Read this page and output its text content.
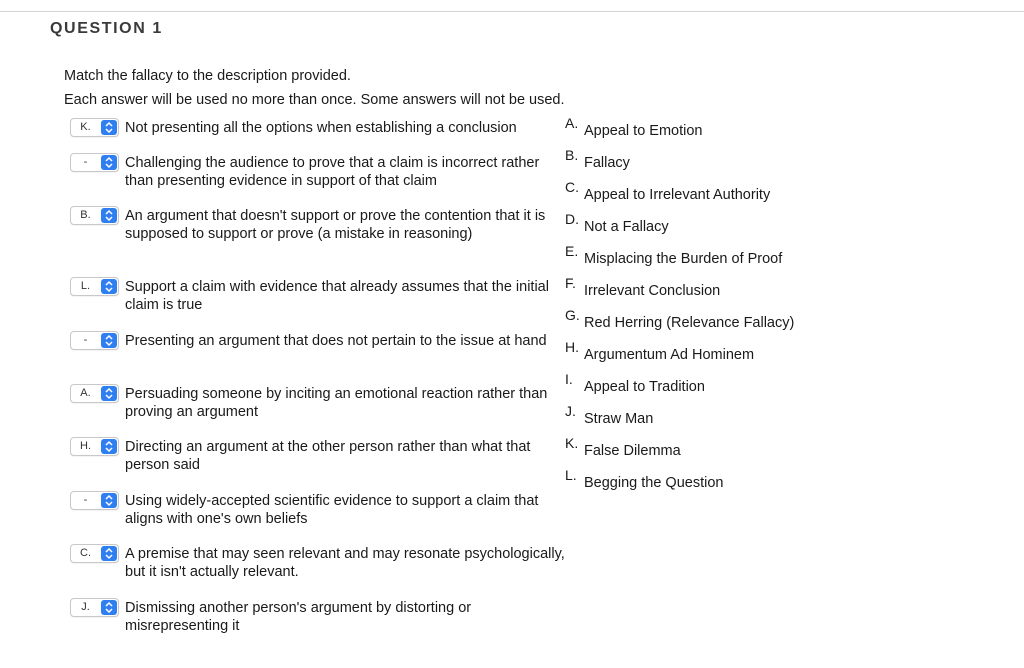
QUESTION 1
Match the fallacy to the description provided.
Each answer will be used no more than once. Some answers will not be used.
K.	Not presenting all the options when establishing a conclusion
-	Challenging the audience to prove that a claim is incorrect rather than presenting evidence in support of that claim
B.	An argument that doesn't support or prove the contention that it is supposed to support or prove (a mistake in reasoning)
L.	Support a claim with evidence that already assumes that the initial claim is true
-	Presenting an argument that does not pertain to the issue at hand
A.	Persuading someone by inciting an emotional reaction rather than proving an argument
H.	Directing an argument at the other person rather than what that person said
-	Using widely-accepted scientific evidence to support a claim that aligns with one's own beliefs
C.	A premise that may seen relevant and may resonate psychologically, but it isn't actually relevant.
J.	Dismissing another person's argument by distorting or misrepresenting it
A. Appeal to Emotion
B. Fallacy
C. Appeal to Irrelevant Authority
D. Not a Fallacy
E. Misplacing the Burden of Proof
F. Irrelevant Conclusion
G. Red Herring (Relevance Fallacy)
H. Argumentum Ad Hominem
I. Appeal to Tradition
J. Straw Man
K. False Dilemma
L. Begging the Question
